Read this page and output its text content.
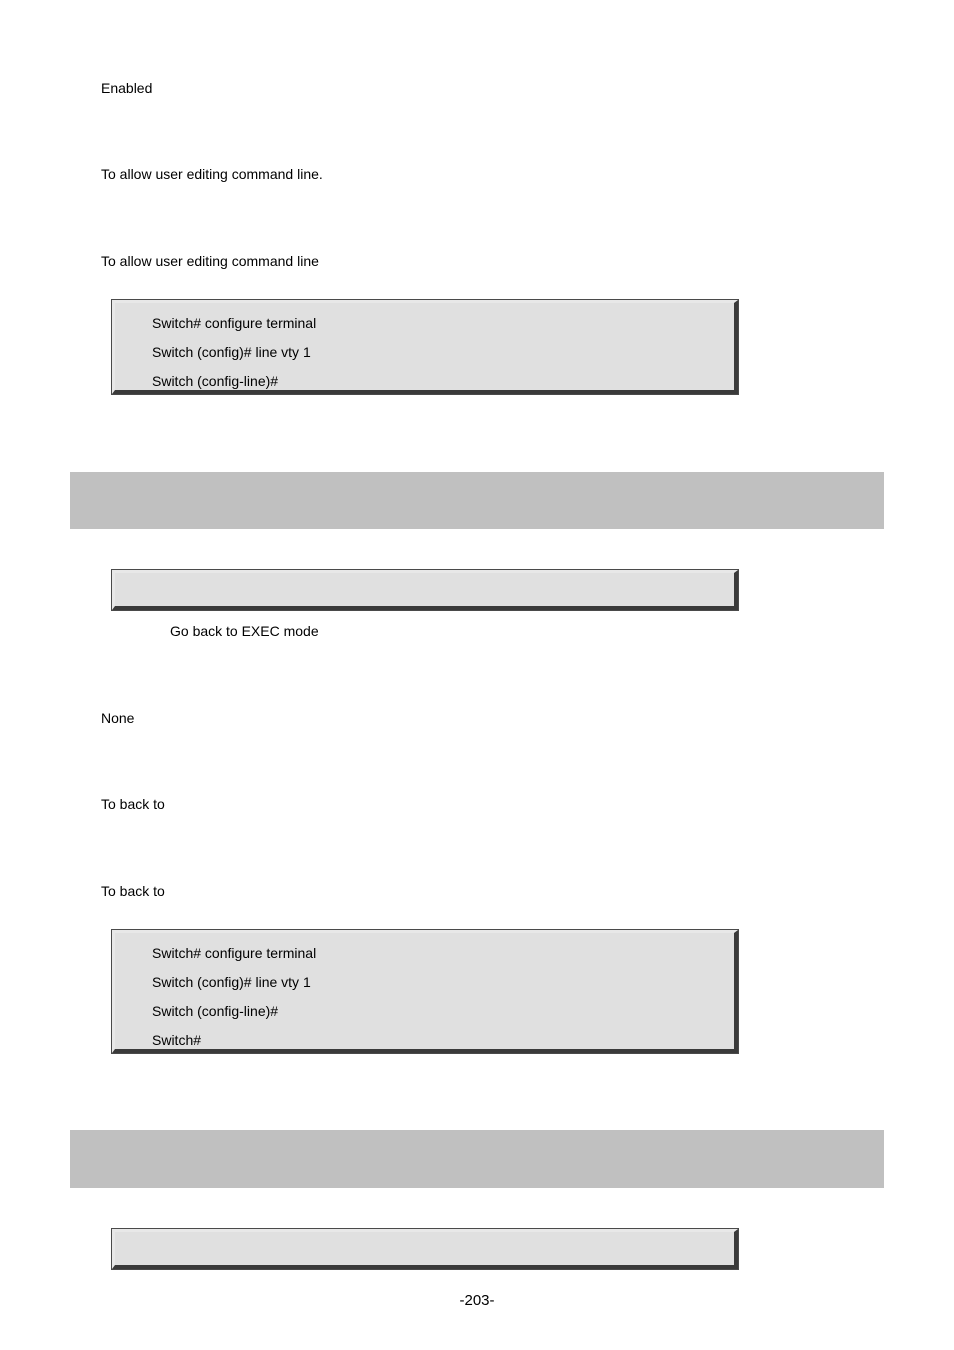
Enabled
To allow user editing command line.
To allow user editing command line
Switch# configure terminal
Switch (config)# line vty 1
Switch (config-line)#
Go back to EXEC mode
None
To back to
To back to
Switch# configure terminal
Switch (config)# line vty 1
Switch (config-line)#
Switch#
-203-
